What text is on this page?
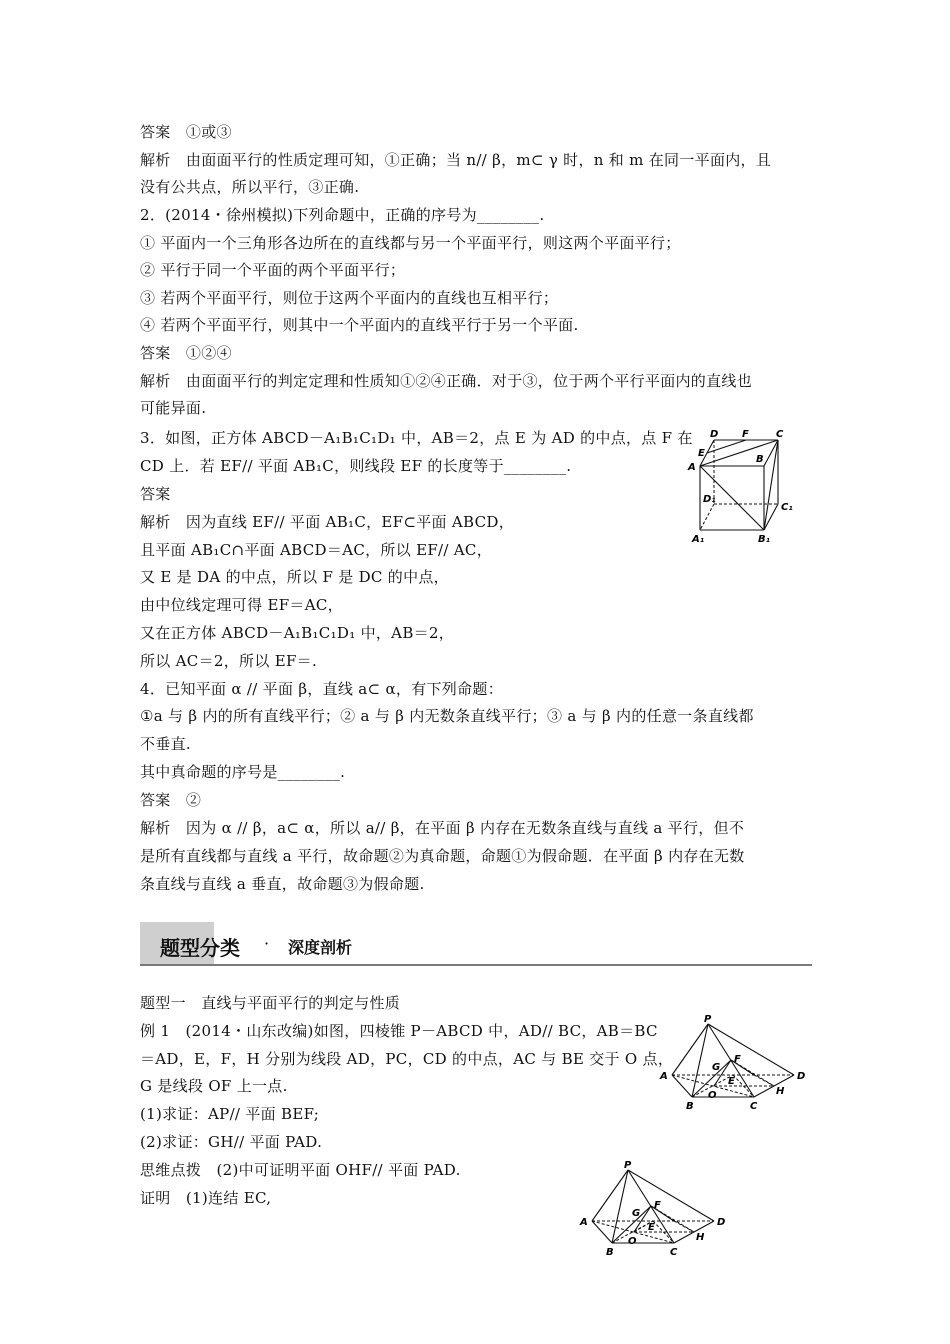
答案　①或③
解析　由面面平行的性质定理可知，①正确；当 n// β，m⊂ γ 时，n 和 m 在同一平面内，且
没有公共点，所以平行，③正确.
2．(2014・徐州模拟)下列命题中，正确的序号为________.
① 平面内一个三角形各边所在的直线都与另一个平面平行，则这两个平面平行；
② 平行于同一个平面的两个平面平行；
③ 若两个平面平行，则位于这两个平面内的直线也互相平行；
④ 若两个平面平行，则其中一个平面内的直线平行于另一个平面.
答案　①②④
解析　由面面平行的判定定理和性质知①②④正确．对于③，位于两个平行平面内的直线也
可能异面.
3．如图，正方体 ABCD－A₁B₁C₁D₁ 中，AB＝2，点 E 为 AD 的中点，点 F 在
CD 上．若 EF// 平面 AB₁C，则线段 EF 的长度等于________.
答案
解析　因为直线 EF// 平面 AB₁C，EF⊂平面 ABCD，
且平面 AB₁C∩平面 ABCD＝AC，所以 EF// AC，
又 E 是 DA 的中点，所以 F 是 DC 的中点，
由中位线定理可得 EF＝AC，
又在正方体 ABCD－A₁B₁C₁D₁ 中，AB＝2，
所以 AC＝2，所以 EF＝.
4．已知平面 α // 平面 β，直线 a⊂ α，有下列命题：
①a 与 β 内的所有直线平行；② a 与 β 内无数条直线平行；③ a 与 β 内的任意一条直线都
不垂直.
其中真命题的序号是________.
答案　②
解析　因为 α // β，a⊂ α，所以 a// β，在平面 β 内存在无数条直线与直线 a 平行，但不
是所有直线都与直线 a 平行，故命题②为真命题，命题①为假命题．在平面 β 内存在无数
条直线与直线 a 垂直，故命题③为假命题.
题型分类 · 深度剖析
题型一　直线与平面平行的判定与性质
例 1　(2014・山东改编)如图，四棱锥 P－ABCD 中，AD// BC，AB＝BC
＝AD，E，F，H 分别为线段 AD，PC，CD 的中点，AC 与 BE 交于 O 点，
G 是线段 OF 上一点.
(1)求证：AP// 平面 BEF;
(2)求证：GH// 平面 PAD.
思维点拨　(2)中可证明平面 OHF// 平面 PAD.
证明　(1)连结 EC,
D F	C
E
A
B
D₁
C₁
A₁	B₁
P
A	D
B	C
F
G
E
O	H
P
A	D
B	C
F
G
E
O	H
